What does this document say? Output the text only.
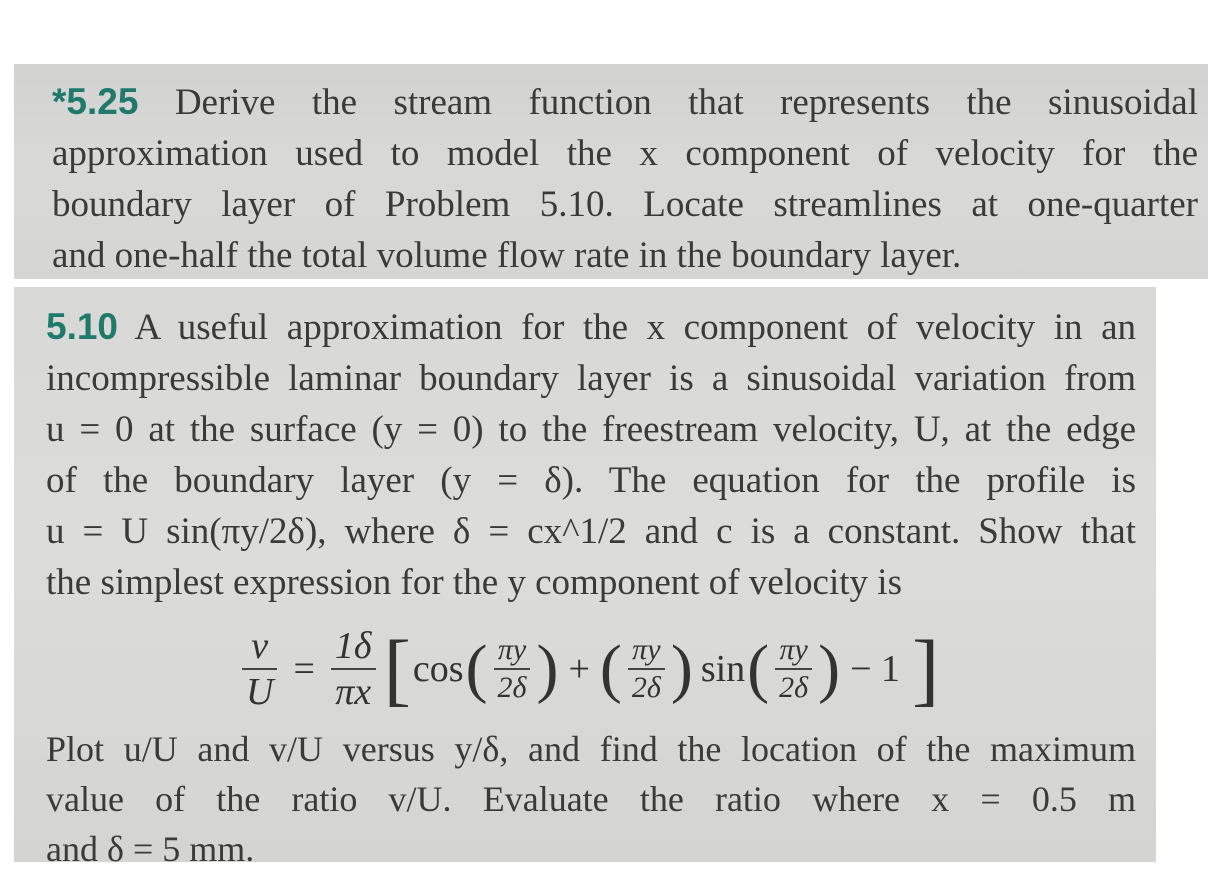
*5.25 Derive the stream function that represents the sinusoidal

approximation used to model the x component of velocity for the

boundary layer of Problem 5.10. Locate streamlines at one-quarter

and one-half the total volume flow rate in the boundary layer.

5.10 A useful approximation for the x component of velocity in an

incompressible laminar boundary layer is a sinusoidal variation from

u = 0 at the surface (y = 0) to the freestream velocity, U, at the edge

of the boundary layer (y = δ). The equation for the profile is

u = U sin(πy/2δ), where δ = cx^1/2 and c is a constant. Show that

the simplest expression for the y component of velocity is

$\frac{v}{U} = \frac{1\delta}{\pi x}$ [ cos ( $\frac{\pi y}{2\delta}$ ) + ( $\frac{\pi y}{2\delta}$ ) sin ( $\frac{\pi y}{2\delta}$ ) − 1 ]

Plot u/U and v/U versus y/δ, and find the location of the maximum

value of the ratio v/U. Evaluate the ratio where x = 0.5 m

and δ = 5 mm.
